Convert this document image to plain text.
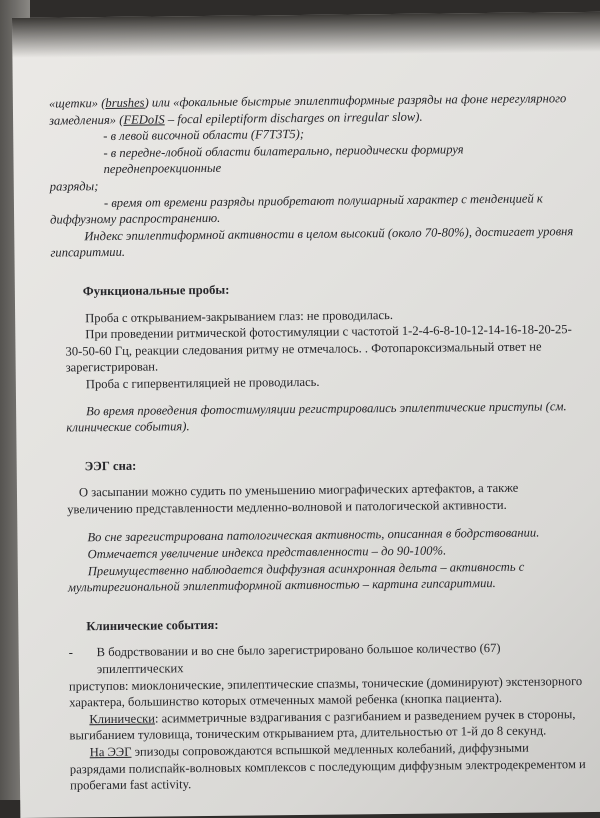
«щетки» (brushes) или «фокальные быстрые эпилептиформные разряды на фоне нерегулярного

замедления» (FEDoIS – focal epileptiform discharges on irregular slow).

- в левой височной области (F7T3T5);

- в передне-лобной области билатерально, периодически формируя переднепроекционные

разряды;

- время от времени разряды приобретают полушарный характер с тенденцией к

диффузному распространению.

Индекс эпилептиформной активности в целом высокий (около 70-80%), достигает уровня

гипсаритмии.

Функциональные пробы:

Проба с открыванием-закрыванием глаз: не проводилась.

При проведении ритмической фотостимуляции с частотой 1-2-4-6-8-10-12-14-16-18-20-25-

30-50-60 Гц, реакции следования ритму не отмечалось. . Фотопароксизмальный ответ не

зарегистрирован.

Проба с гипервентиляцией не проводилась.

Во время проведения фотостимуляции регистрировались эпилептические приступы (см.

клинические события).

ЭЭГ сна:

О засыпании можно судить по уменьшению миографических артефактов, а также

увеличению представленности медленно-волновой и патологической активности.

Во сне зарегистрирована патологическая активность, описанная в бодрствовании.

Отмечается увеличение индекса представленности – до 90-100%.

Преимущественно наблюдается диффузная асинхронная дельта – активность с

мультирегиональной эпилептиформной активностью – картина гипсаритмии.

Клинические события:

-	В бодрствовании и во сне было зарегистрировано большое количество (67) эпилептических

приступов: миоклонические, эпилептические спазмы, тонические (доминируют) экстензорного

характера, большинство которых отмеченных мамой ребенка (кнопка пациента).

Клинически: асимметричные вздрагивания с разгибанием и разведением ручек в стороны,

выгибанием туловища, тоническим открыванием рта, длительностью от 1-й до 8 секунд.

На ЭЭГ эпизоды сопровождаются вспышкой медленных колебаний, диффузными

разрядами полиспайк-волновых комплексов с последующим диффузным электродекрементом и

пробегами fast activity.
